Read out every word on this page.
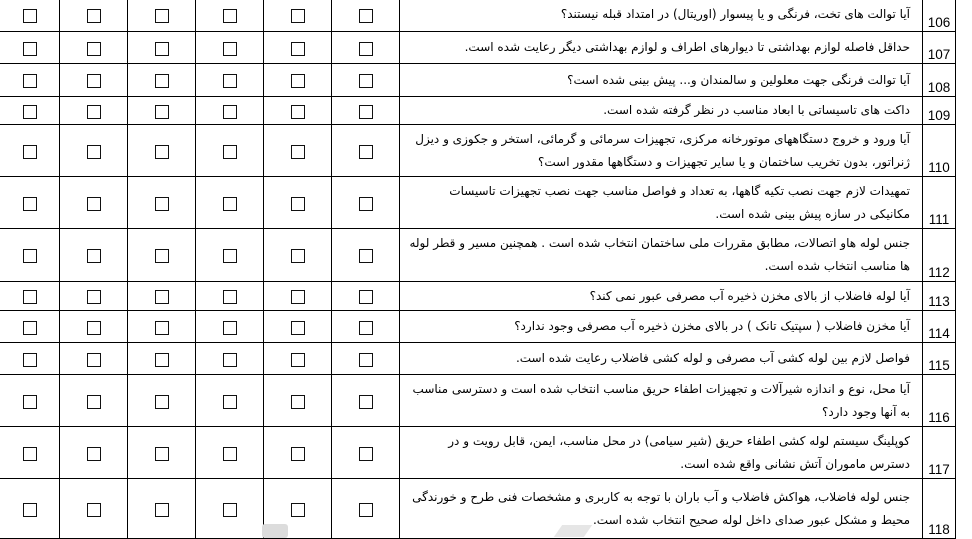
						آیا توالت های تخت، فرنگی و یا پیسوار (اوریتال) در امتداد قبله نیستند؟	106
						حداقل فاصله لوازم بهداشتی تا دیوارهای اطراف و لوازم بهداشتی دیگر رعایت شده است.	107
						آیا توالت فرنگی جهت معلولین و سالمندان و... پیش بینی شده است؟	108
						داکت های تاسیساتی با ابعاد مناسب در نظر گرفته شده است.	109
						آیا ورود و خروج دستگاههای موتورخانه مرکزی، تجهیزات سرمائی و گرمائی، استخر و جکوزی و دیزل ژنراتور، بدون تخریب ساختمان و یا سایر تجهیزات و دستگاهها مقدور است؟	110
						تمهیدات لازم جهت نصب تکیه گاهها، به تعداد و فواصل مناسب جهت نصب تجهیزات تاسیسات مکانیکی در سازه پیش بینی شده است.	111
						جنس لوله هاو اتصالات، مطابق مقررات ملی ساختمان انتخاب شده است . همچنین مسیر و قطر لوله ها مناسب انتخاب شده است.	112
						آیا لوله فاضلاب از بالای مخزن ذخیره آب مصرفی عبور نمی کند؟	113
						آیا مخزن فاضلاب ( سپتیک تانک ) در بالای مخزن ذخیره آب مصرفی وجود ندارد؟	114
						فواصل لازم بین لوله کشی آب مصرفی و لوله کشی فاضلاب رعایت شده است.	115
						آیا محل، نوع و اندازه شیرآلات و تجهیزات اطفاء حریق مناسب انتخاب شده است و دسترسی مناسب به آنها وجود دارد؟	116
						کوپلینگ سیستم لوله کشی اطفاء حریق (شیر سیامی) در محل مناسب، ایمن، قابل رویت و در دسترس ماموران آتش نشانی واقع شده است.	117
						جنس لوله فاضلاب، هواکش فاضلاب و آب باران با توجه به کاربری و مشخصات فنی طرح و خورندگی محیط و مشکل عبور صدای داخل لوله صحیح انتخاب شده است.	118
